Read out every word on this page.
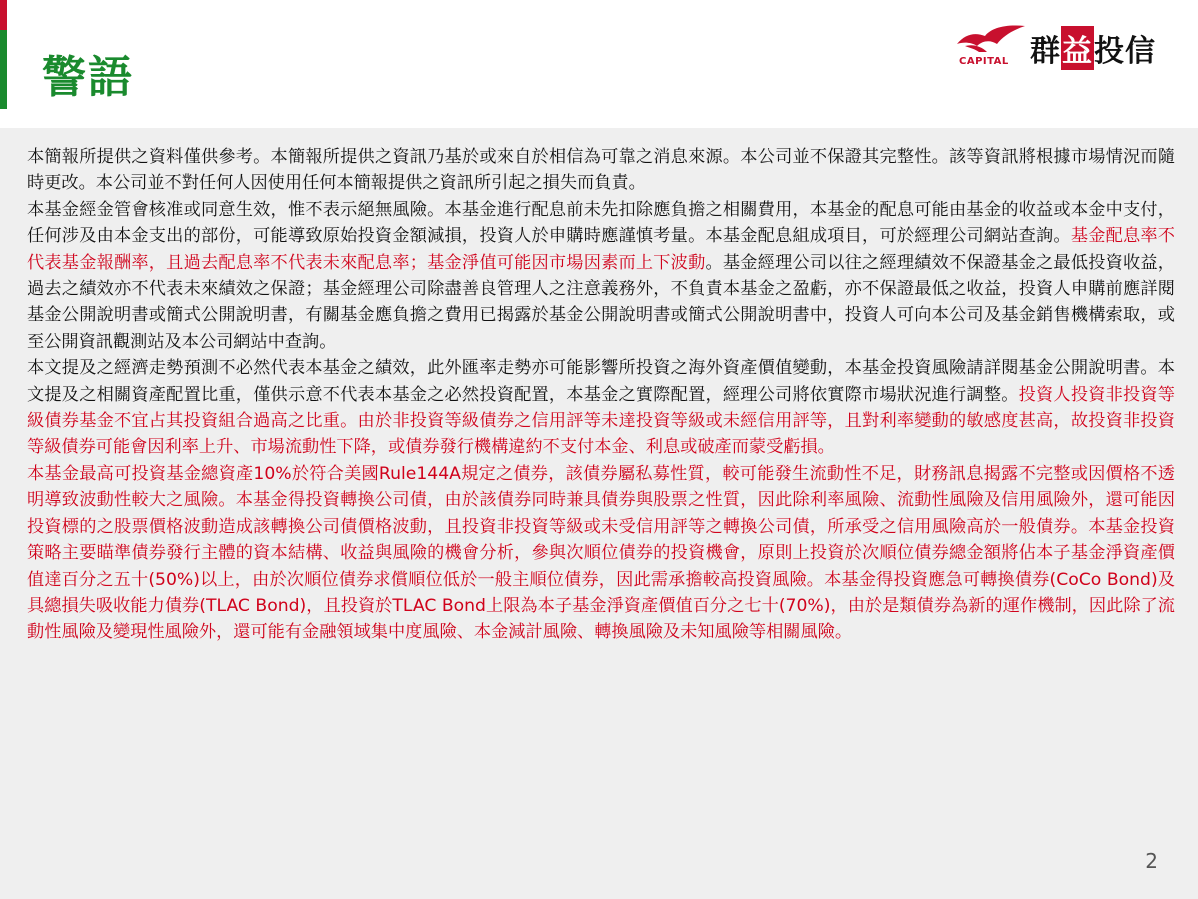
警語	CAPITAL 群益投信

本簡報所提供之資料僅供參考。本簡報所提供之資訊乃基於或來自於相信為可靠之消息來源。本公司並不保證其完整性。該等資訊將根據市場情況而隨時更改。本公司並不對任何人因使用任何本簡報提供之資訊所引起之損失而負責。

本基金經金管會核准或同意生效，惟不表示絕無風險。本基金進行配息前未先扣除應負擔之相關費用，本基金的配息可能由基金的收益或本金中支付，任何涉及由本金支出的部份，可能導致原始投資金額減損，投資人於申購時應謹慎考量。本基金配息組成項目，可於經理公司網站查詢。基金配息率不代表基金報酬率，且過去配息率不代表未來配息率；基金淨值可能因市場因素而上下波動。基金經理公司以往之經理績效不保證基金之最低投資收益，過去之績效亦不代表未來績效之保證；基金經理公司除盡善良管理人之注意義務外，不負責本基金之盈虧，亦不保證最低之收益，投資人申購前應詳閱基金公開說明書或簡式公開說明書，有關基金應負擔之費用已揭露於基金公開說明書或簡式公開說明書中，投資人可向本公司及基金銷售機構索取，或至公開資訊觀測站及本公司網站中查詢。

本文提及之經濟走勢預測不必然代表本基金之績效，此外匯率走勢亦可能影響所投資之海外資產價值變動，本基金投資風險請詳閱基金公開說明書。本文提及之相關資產配置比重，僅供示意不代表本基金之必然投資配置，本基金之實際配置，經理公司將依實際市場狀況進行調整。投資人投資非投資等級債券基金不宜占其投資組合過高之比重。由於非投資等級債券之信用評等未達投資等級或未經信用評等，且對利率變動的敏感度甚高，故投資非投資等級債券可能會因利率上升、市場流動性下降，或債券發行機構違約不支付本金、利息或破產而蒙受虧損。

本基金最高可投資基金總資產10%於符合美國Rule144A規定之債券，該債券屬私募性質，較可能發生流動性不足，財務訊息揭露不完整或因價格不透明導致波動性較大之風險。本基金得投資轉換公司債，由於該債券同時兼具債券與股票之性質，因此除利率風險、流動性風險及信用風險外，還可能因投資標的之股票價格波動造成該轉換公司債價格波動，且投資非投資等級或未受信用評等之轉換公司債，所承受之信用風險高於一般債券。本基金投資策略主要瞄準債券發行主體的資本結構、收益與風險的機會分析，參與次順位債券的投資機會，原則上投資於次順位債券總金額將佔本子基金淨資產價值達百分之五十(50%)以上，由於次順位債券求償順位低於一般主順位債券，因此需承擔較高投資風險。本基金得投資應急可轉換債券(CoCo Bond)及具總損失吸收能力債券(TLAC Bond)，且投資於TLAC Bond上限為本子基金淨資產價值百分之七十(70%)，由於是類債券為新的運作機制，因此除了流動性風險及變現性風險外，還可能有金融領域集中度風險、本金減計風險、轉換風險及未知風險等相關風險。

2
